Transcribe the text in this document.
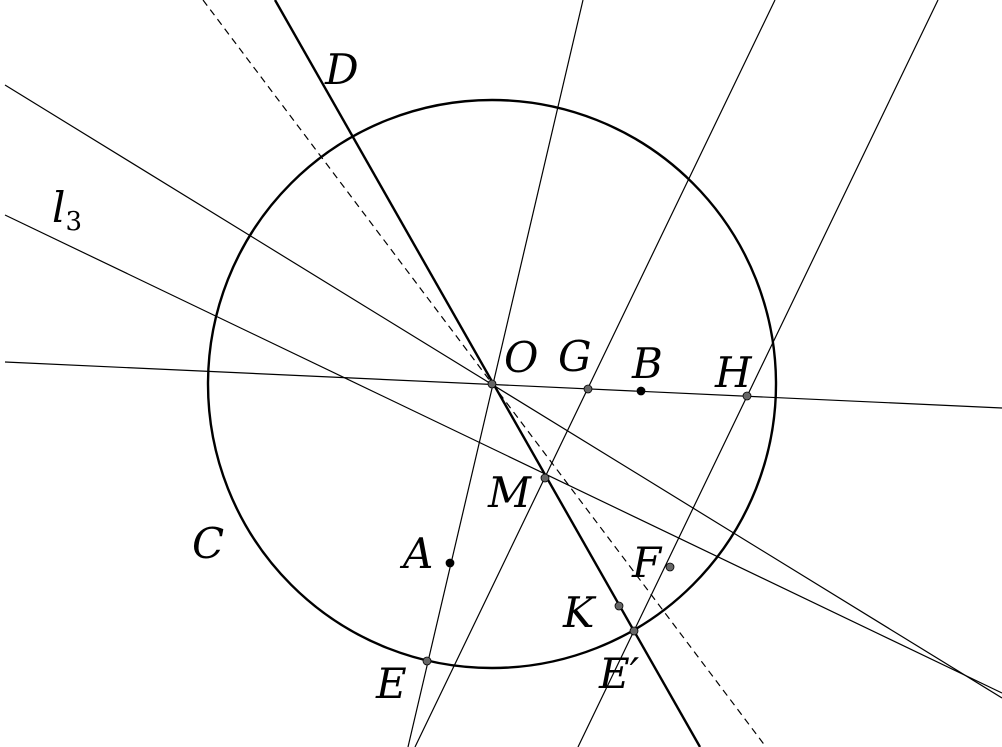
D
l3
O G B H
M
C	A	F
K
E′
E
